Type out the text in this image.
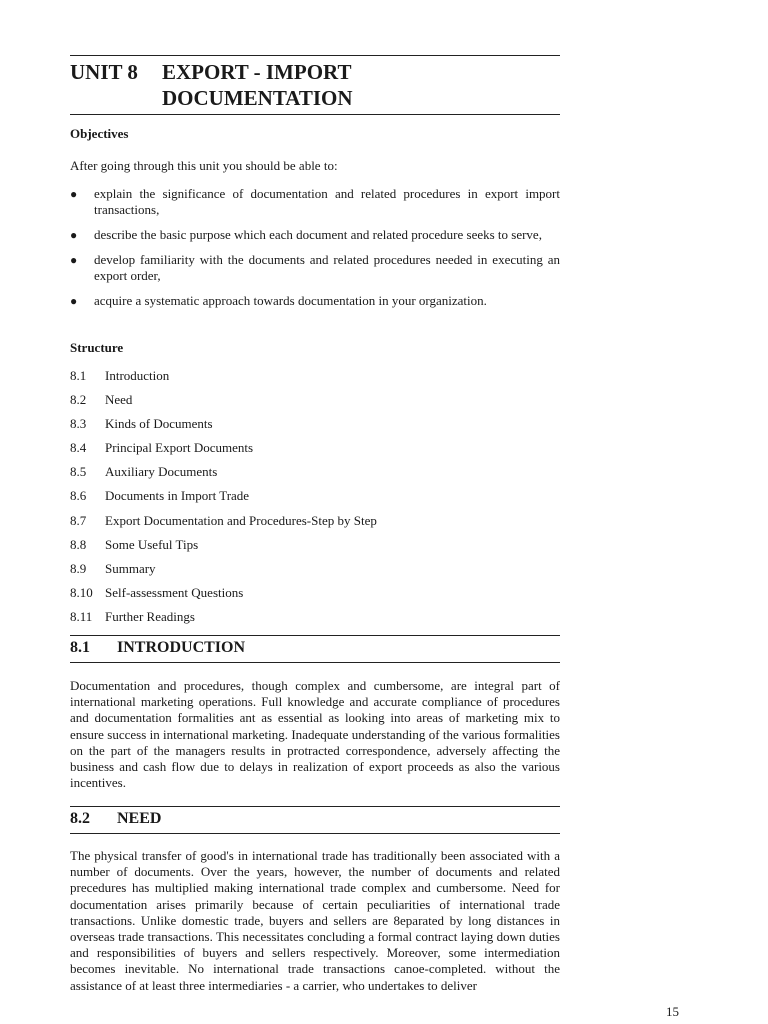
UNIT 8	EXPORT - IMPORT
DOCUMENTATION
Objectives
After going through this unit you should be able to:
●	explain the significance of documentation and related procedures in export import transactions,
●	describe the basic purpose which each document and related procedure seeks to serve,
●	develop familiarity with the documents and related procedures needed in executing an export order,
●	acquire a systematic approach towards documentation in your organization.
Structure
8.1	Introduction
8.2	Need
8.3	Kinds of Documents
8.4	Principal Export Documents
8.5	Auxiliary Documents
8.6	Documents in Import Trade
8.7	Export Documentation and Procedures-Step by Step
8.8	Some Useful Tips
8.9	Summary
8.10 Self-assessment Questions
8.11 Further Readings
8.1	INTRODUCTION

Documentation and procedures, though complex and cumbersome, are integral part of international marketing operations. Full knowledge and accurate compliance of procedures and documentation formalities ant as essential as looking into areas of marketing mix to ensure success in international marketing. Inadequate understanding of the various formalities on the part of the managers results in protracted correspondence, adversely affecting the business and cash flow due to delays in realization of export proceeds as also the various incentives.

8.2	NEED

The physical transfer of good's in international trade has traditionally been associated with a number of documents. Over the years, however, the number of documents and related precedures has multiplied making international trade complex and cumbersome. Need for documentation arises primarily because of certain peculiarities of international trade transactions. Unlike domestic trade, buyers and sellers are 8eparated by long distances in overseas trade transactions. This necessitates concluding a formal contract laying down duties and responsibilities of buyers and sellers respectively. Moreover, some intermediation becomes inevitable. No international trade transactions canoe-completed. without the assistance of at least three intermediaries - a carrier, who undertakes to deliver

15
